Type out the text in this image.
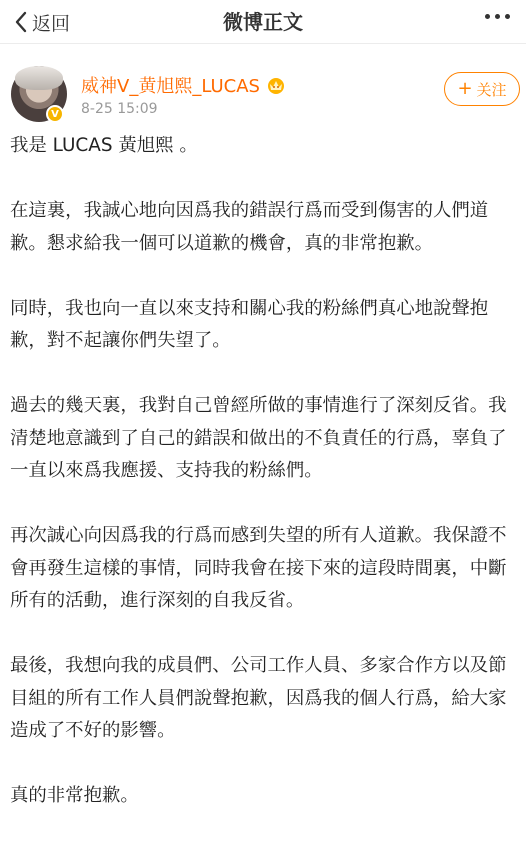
返回	微博正文
V
威神V_黄旭熙_LUCAS
8-25 15:09
+ 关注

我是 LUCAS 黃旭熙 。

在這裏，我誠心地向因爲我的錯誤行爲而受到傷害的人們道歉。懇求給我一個可以道歉的機會，真的非常抱歉。

同時，我也向一直以來支持和關心我的粉絲們真心地說聲抱歉，對不起讓你們失望了。

過去的幾天裏，我對自己曾經所做的事情進行了深刻反省。我清楚地意識到了自己的錯誤和做出的不負責任的行爲，辜負了一直以來爲我應援、支持我的粉絲們。

再次誠心向因爲我的行爲而感到失望的所有人道歉。我保證不會再發生這樣的事情，同時我會在接下來的這段時間裏，中斷所有的活動，進行深刻的自我反省。

最後，我想向我的成員們、公司工作人員、多家合作方以及節目組的所有工作人員們說聲抱歉，因爲我的個人行爲，給大家造成了不好的影響。

真的非常抱歉。
